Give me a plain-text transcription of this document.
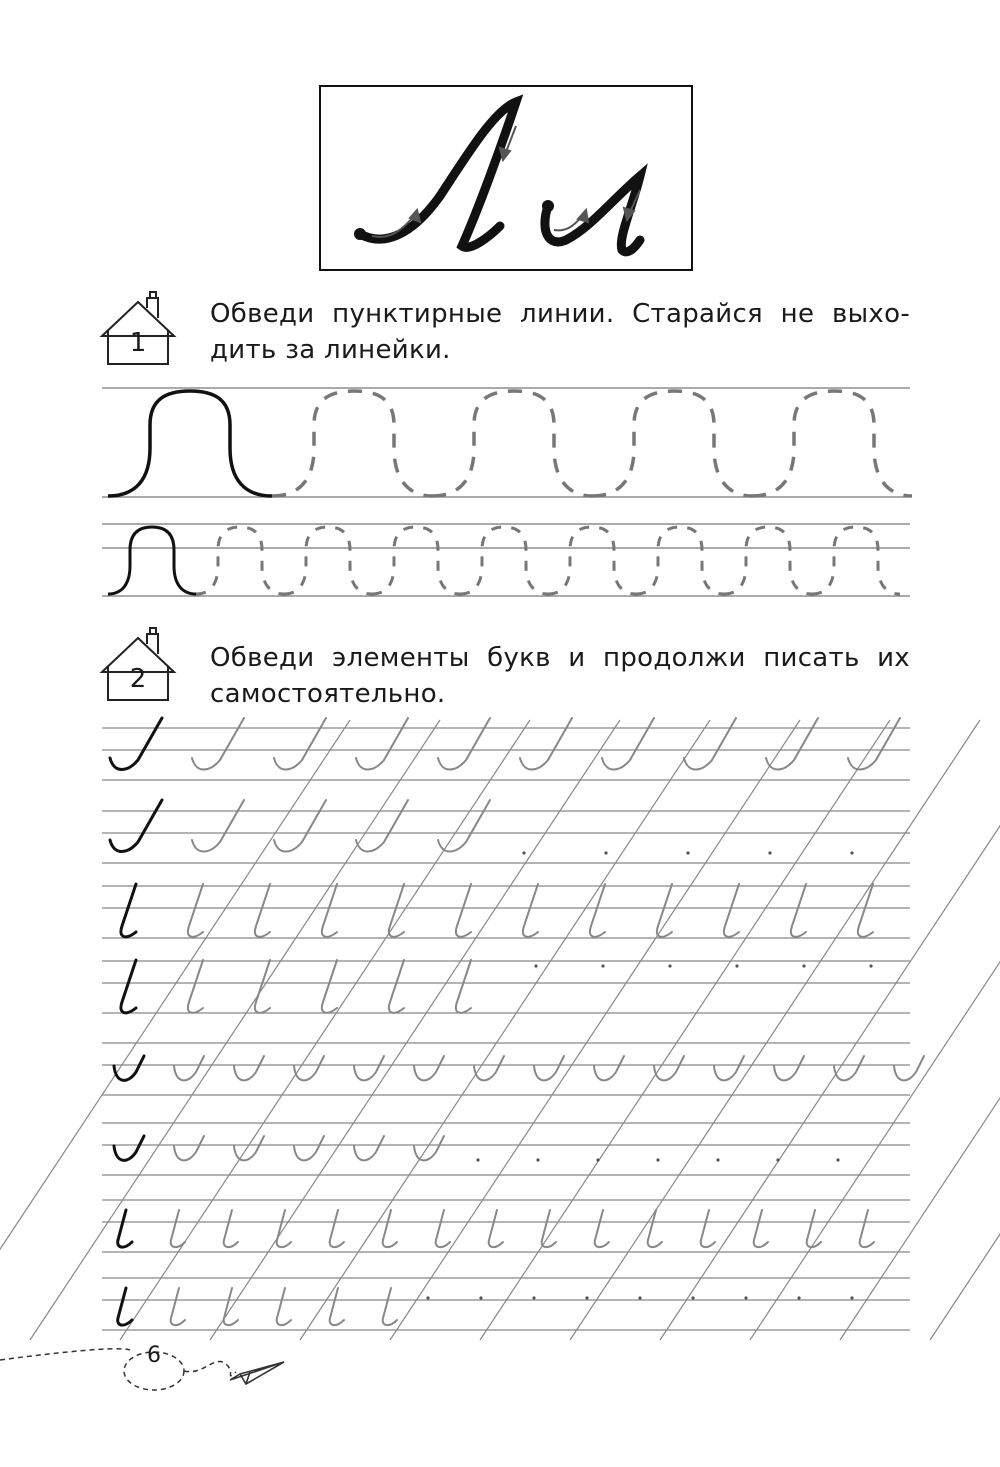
1
Обведи пунктирные линии. Старайся не выхо-
дить за линейки.
2
Обведи элементы букв и продолжи писать их
самостоятельно.
6
